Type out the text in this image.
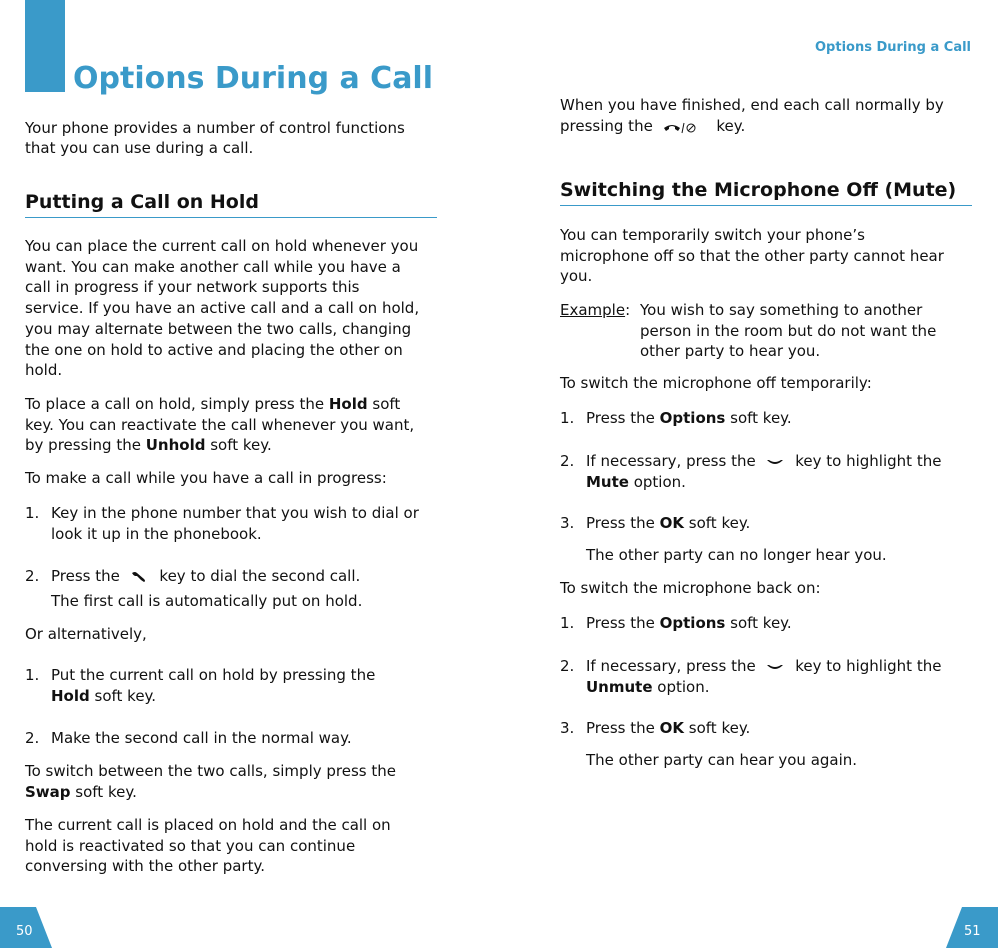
Options During a Call
Your phone provides a number of control functions
that you can use during a call.
Putting a Call on Hold
You can place the current call on hold whenever you
want. You can make another call while you have a
call in progress if your network supports this
service. If you have an active call and a call on hold,
you may alternate between the two calls, changing
the one on hold to active and placing the other on
hold.
To place a call on hold, simply press the Hold soft
key. You can reactivate the call whenever you want,
by pressing the Unhold soft key.
To make a call while you have a call in progress:
1. Key in the phone number that you wish to dial or
look it up in the phonebook.
2. Press the  key to dial the second call.
The first call is automatically put on hold.
Or alternatively,
1. Put the current call on hold by pressing the
Hold soft key.
2. Make the second call in the normal way.
To switch between the two calls, simply press the
Swap soft key.
The current call is placed on hold and the call on
hold is reactivated so that you can continue
conversing with the other party.
50
Options During a Call
When you have finished, end each call normally by
pressing the	key.
Switching the Microphone Off (Mute)
You can temporarily switch your phone’s
microphone off so that the other party cannot hear
you.
Example: You wish to say something to another
person in the room but do not want the
other party to hear you.
To switch the microphone off temporarily:
1. Press the Options soft key.
2. If necessary, press the  key to highlight the
Mute option.
3. Press the OK soft key.
The other party can no longer hear you.
To switch the microphone back on:
1. Press the Options soft key.
2. If necessary, press the  key to highlight the
Unmute option.
3. Press the OK soft key.
The other party can hear you again.
51
